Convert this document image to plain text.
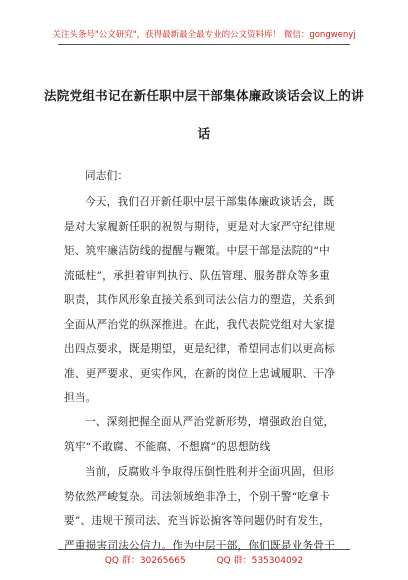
关注头条号"公文研究"，获得最新最全最专业的公文资料库！ 微信：gongwenyj
法院党组书记在新任职中层干部集体廉政谈话会议上的讲
话
同志们：
今天，我们召开新任职中层干部集体廉政谈话会，既
是对大家履新任职的祝贺与期待，更是对大家严守纪律规
矩、筑牢廉洁防线的提醒与鞭策。中层干部是法院的“中
流砥柱”，承担着审判执行、队伍管理、服务群众等多重
职责，其作风形象直接关系到司法公信力的塑造，关系到
全面从严治党的纵深推进。在此，我代表院党组对大家提
出四点要求，既是期望，更是纪律，希望同志们以更高标
准、更严要求、更实作风，在新的岗位上忠诚履职、干净
担当。
一、深刻把握全面从严治党新形势，增强政治自觉，
筑牢“不敢腐、不能腐、不想腐”的思想防线
当前，反腐败斗争取得压倒性胜利并全面巩固，但形
势依然严峻复杂。司法领域绝非净土，个别干警“吃拿卡
要”、违规干预司法、充当诉讼掮客等问题仍时有发生，
严重损害司法公信力。作为中层干部，你们既是业务骨干
QQ 群：30265665	QQ 群：535304092
